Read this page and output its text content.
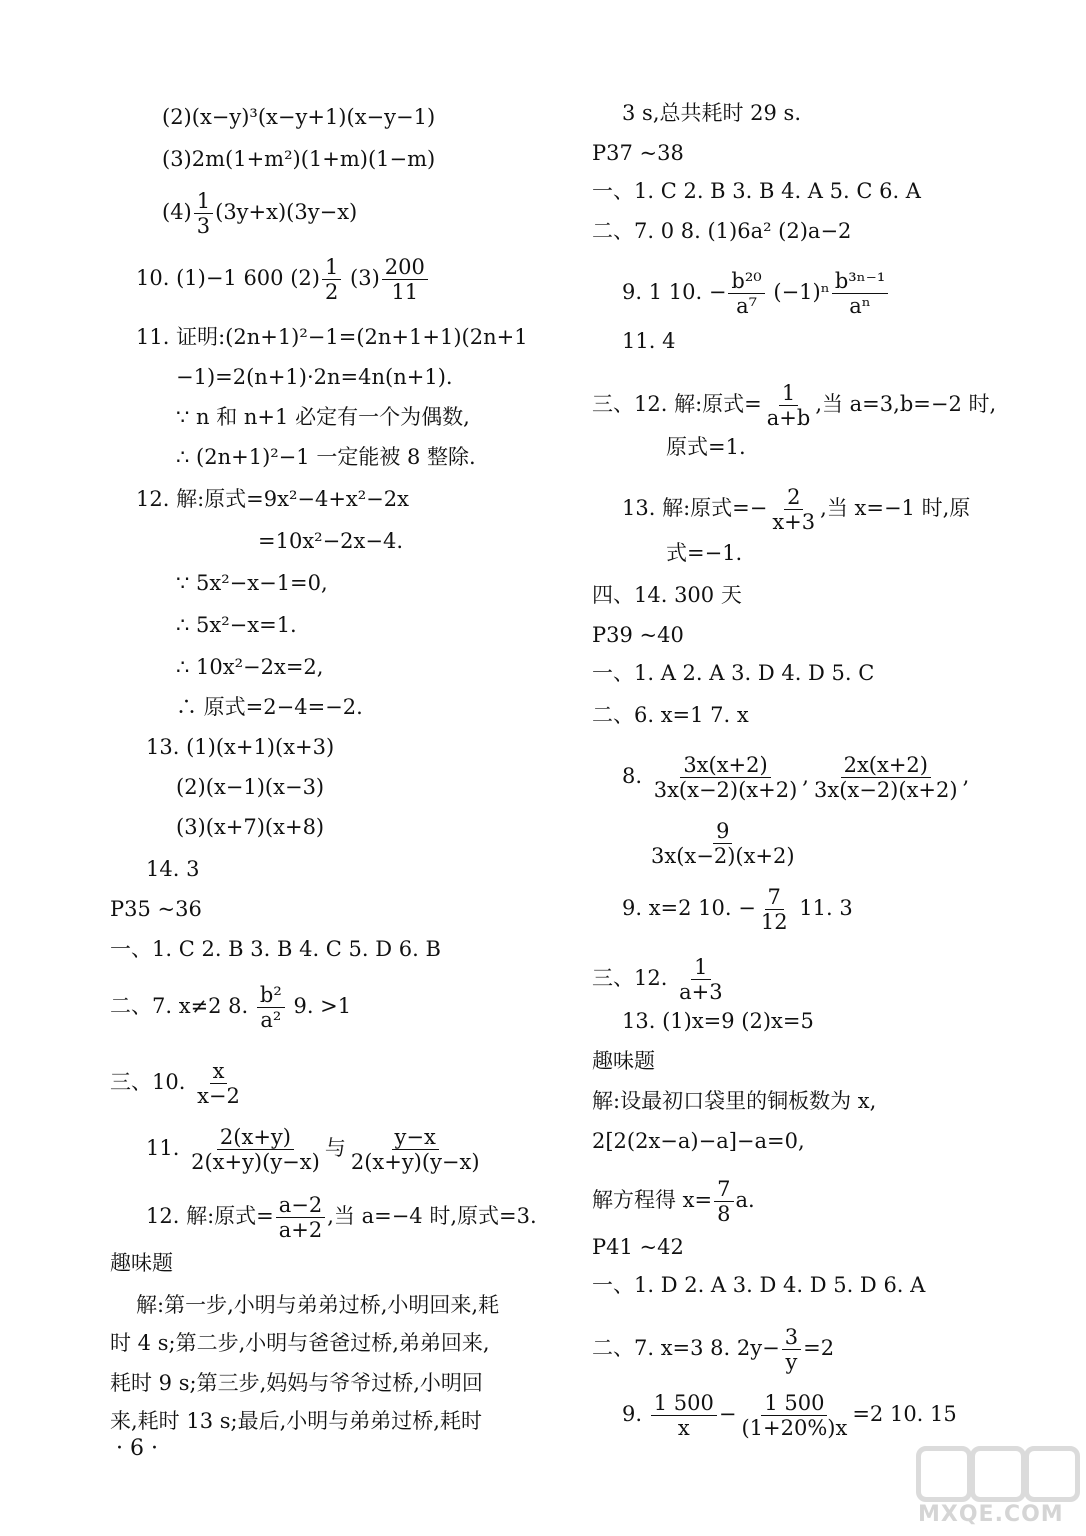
(2)(x−y)³(x−y+1)(x−y−1)
(3)2m(1+m²)(1+m)(1−m)
$(4) \frac{1}{3} (3y+x)(3y-x)$
10. (1)−1 600 $(2) \frac{1}{2} (3) \frac{200}{11}$
11. 证明:(2n+1)²−1=(2n+1+1)(2n+1
−1)=2(n+1)·2n=4n(n+1).
∵ n 和 n+1 必定有一个为偶数,
∴ (2n+1)²−1 一定能被 8 整除.
12. 解:原式=9x²−4+x²−2x
=10x²−2x−4.
∵ 5x²−x−1=0,
∴ 5x²−x=1.
∴ 10x²−2x=2,
∴ 原式=2−4=−2.
13. (1)(x+1)(x+3)
(2)(x−1)(x−3)
(3)(x+7)(x+8)
14. 3
P35 ~36
一、1. C 2. B 3. B 4. C 5. D 6. B
二、7. x≠2 8. $\frac{\text{b²}}{\text{a²}} 9$. >1
三、10. $\frac{x}{x-2}$
11. $\frac{2(x+y)}{2(x+y)(y-x)}$ 与 $\frac{y-x}{2(x+y)(y-x)}$
12. 解:原式= $\frac{a-2}{a+2}$ ,当 a=−4 时,原式=3.
趣味题
解:第一步,小明与弟弟过桥,小明回来,耗
时 4 s;第二步,小明与爸爸过桥,弟弟回来,
耗时 9 s;第三步,妈妈与爷爷过桥,小明回
来,耗时 13 s;最后,小明与弟弟过桥,耗时
3 s,总共耗时 29 s.
P37 ~38
一、1. C 2. B 3. B 4. A 5. C 6. A
二、7. 0 8. (1)6a² (2)a−2
9. 1 10. − $\frac{\text{b²⁰}}{\text{a⁷}} (-1)^n \frac{\text{b³ⁿ⁻¹}}{\text{aⁿ}}$
11. 4
三、12. 解:原式= $\frac{1}{a+b}$ ,当 a=3,b=−2 时,
原式=1.
13. 解:原式=− $\frac{2}{x+3}$ ,当 x=−1 时,原
式=−1.
四、14. 300 天
P39 ~40
一、1. A 2. A 3. D 4. D 5. C
二、6. x=1 7. x
8. $\frac{3x(x+2)}{3x(x-2)(x+2)}$ , $\frac{2x(x+2)}{3x(x-2)(x+2)}$ ,
$\frac{9}{3x(x-2)(x+2)}$
9. x=2 10. − $\frac{7}{12} 11$. 3
三、12. $\frac{1}{a+3}$
13. (1)x=9 (2)x=5
趣味题
解:设最初口袋里的铜板数为 x,
2[2(2x−a)−a]−a=0,
解方程得 $x= \frac{7}{8} a$.
P41 ~42
一、1. D 2. A 3. D 4. D 5. D 6. A
二、7. x=3 8. $2y- \frac{3}{y} =2$
9. $\frac{1 500}{x} - \frac{1 500}{(1+20\%)x} =2$ 10. 15
· 6 ·
MXQE.COM
